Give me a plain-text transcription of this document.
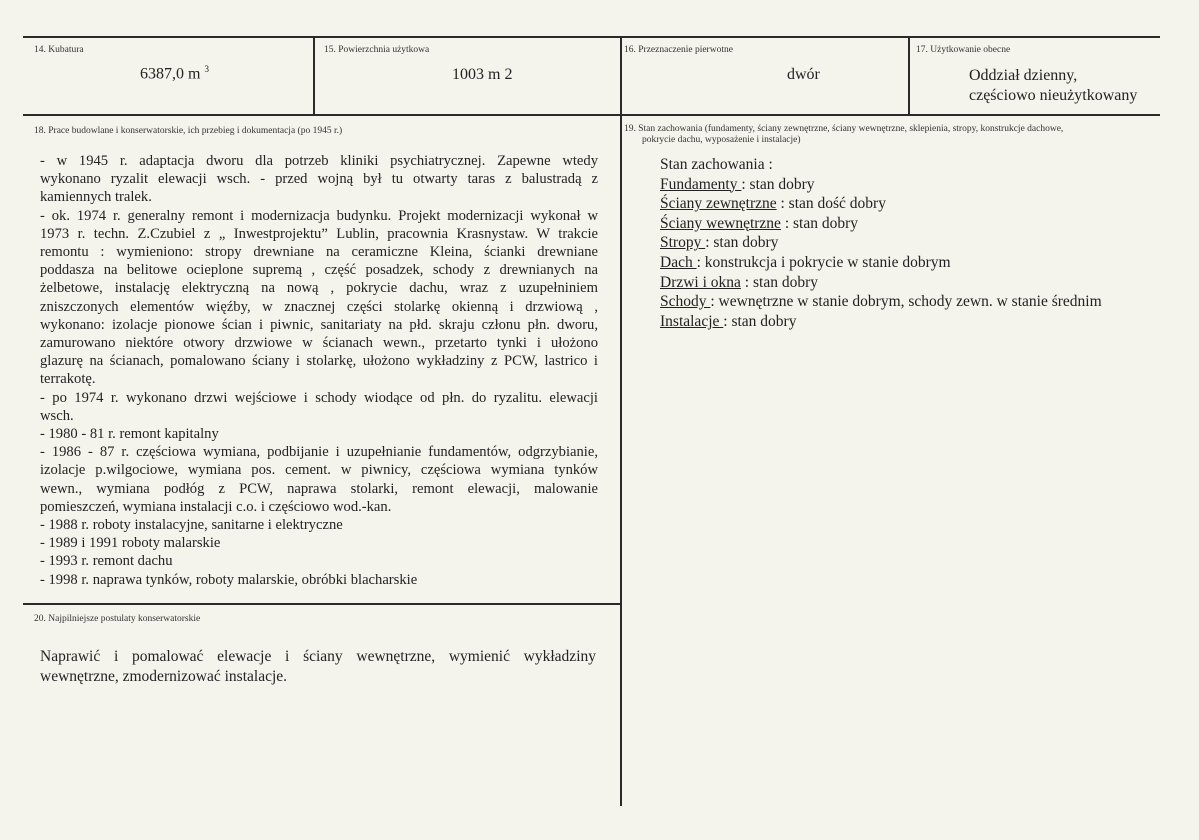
14. Kubatura
6387,0 m $^3$
15. Powierzchnia użytkowa
1003 m 2
16. Przeznaczenie pierwotne
dwór
17. Użytkowanie obecne
Oddział dzienny,
częściowo nieużytkowany
18. Prace budowlane i konserwatorskie, ich przebieg i dokumentacja (po 1945 r.)
- w 1945 r. adaptacja dworu dla potrzeb kliniki psychiatrycznej. Zapewne wtedy
wykonano ryzalit elewacji wsch. - przed wojną był tu otwarty taras z balustradą z
kamiennych tralek.
- ok. 1974 r. generalny remont i modernizacja budynku. Projekt modernizacji wykonał w
1973 r. techn. Z.Czubiel z „ Inwestprojektu” Lublin, pracownia Krasnystaw. W trakcie
remontu : wymieniono: stropy drewniane na ceramiczne Kleina, ścianki drewniane
poddasza na belitowe ocieplone supremą , część posadzek, schody z drewnianych na
żelbetowe, instalację elektryczną na nową , pokrycie dachu, wraz z uzupełniniem
zniszczonych elementów więźby, w znacznej części stolarkę okienną i drzwiową ,
wykonano: izolacje pionowe ścian i piwnic, sanitariaty na płd. skraju członu płn. dworu,
zamurowano niektóre otwory drzwiowe w ścianach wewn., przetarto tynki i ułożono
glazurę na ścianach, pomalowano ściany i stolarkę, ułożono wykładziny z PCW, lastrico i
terrakotę.
- po 1974 r. wykonano drzwi wejściowe i schody wiodące od płn. do ryzalitu. elewacji
wsch.
- 1980 - 81 r. remont kapitalny
- 1986 - 87 r. częściowa wymiana, podbijanie i uzupełnianie fundamentów, odgrzybianie,
izolacje p.wilgociowe, wymiana pos. cement. w piwnicy, częściowa wymiana tynków
wewn., wymiana podłóg z PCW, naprawa stolarki, remont elewacji, malowanie
pomieszczeń, wymiana instalacji c.o. i częściowo wod.-kan.
- 1988 r. roboty instalacyjne, sanitarne i elektryczne
- 1989 i 1991 roboty malarskie
- 1993 r. remont dachu
- 1998 r. naprawa tynków, roboty malarskie, obróbki blacharskie
19. Stan zachowania (fundamenty, ściany zewnętrzne, ściany wewnętrzne, sklepienia, stropy, konstrukcje dachowe,
pokrycie dachu, wyposażenie i instalacje)
Stan zachowania :
Fundamenty : stan dobry
Ściany zewnętrzne : stan dość dobry
Ściany wewnętrzne : stan dobry
Stropy : stan dobry
Dach : konstrukcja i pokrycie w stanie dobrym
Drzwi i okna : stan dobry
Schody : wewnętrzne w stanie dobrym, schody zewn. w stanie średnim
Instalacje : stan dobry
20. Najpilniejsze postulaty konserwatorskie
Naprawić i pomalować elewacje i ściany wewnętrzne, wymienić wykładziny
wewnętrzne, zmodernizować instalacje.
